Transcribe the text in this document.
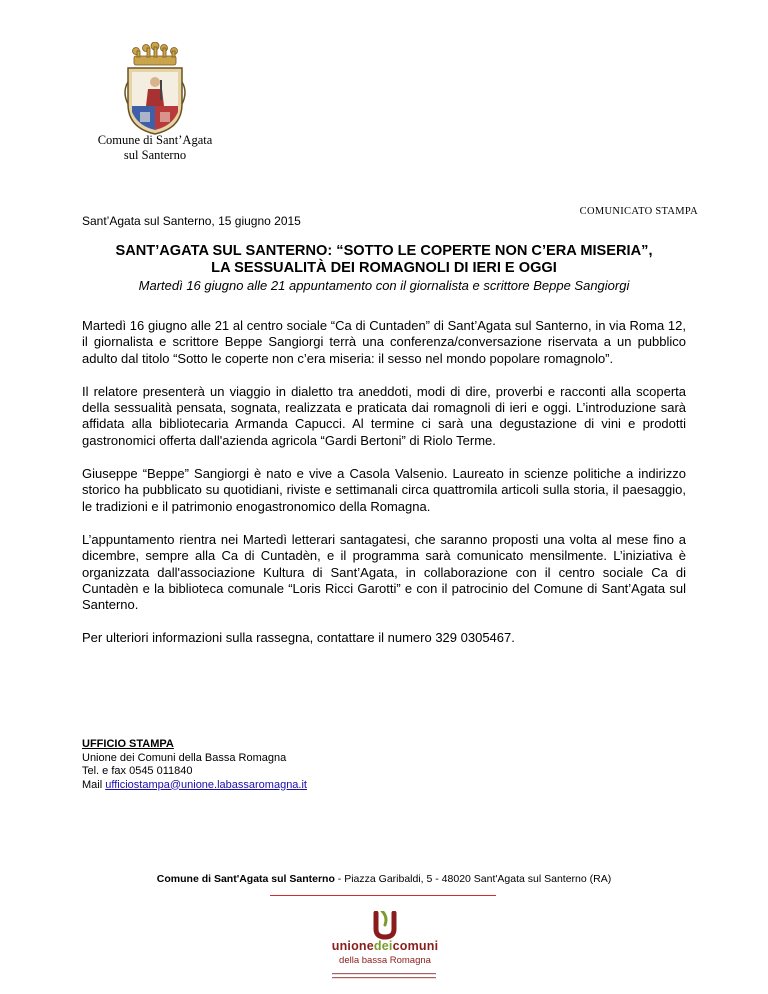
Comune di Sant’Agata
sul Santerno
COMUNICATO STAMPA
Sant’Agata sul Santerno, 15 giugno 2015
SANT’AGATA SUL SANTERNO: “SOTTO LE COPERTE NON C’ERA MISERIA”,
LA SESSUALITÀ DEI ROMAGNOLI DI IERI E OGGI
Martedì 16 giugno alle 21 appuntamento con il giornalista e scrittore Beppe Sangiorgi

Martedì 16 giugno alle 21 al centro sociale “Ca di Cuntaden” di Sant’Agata sul Santerno, in via Roma 12, il giornalista e scrittore Beppe Sangiorgi terrà una conferenza/conversazione riservata a un pubblico adulto dal titolo “Sotto le coperte non c’era miseria: il sesso nel mondo popolare romagnolo”.

Il relatore presenterà un viaggio in dialetto tra aneddoti, modi di dire, proverbi e racconti alla scoperta della sessualità pensata, sognata, realizzata e praticata dai romagnoli di ieri e oggi. L’introduzione sarà affidata alla bibliotecaria Armanda Capucci. Al termine ci sarà una degustazione di vini e prodotti gastronomici offerta dall'azienda agricola “Gardi Bertoni” di Riolo Terme.

Giuseppe “Beppe” Sangiorgi è nato e vive a Casola Valsenio. Laureato in scienze politiche a indirizzo storico ha pubblicato su quotidiani, riviste e settimanali circa quattromila articoli sulla storia, il paesaggio, le tradizioni e il patrimonio enogastronomico della Romagna.

L’appuntamento rientra nei Martedì letterari santagatesi, che saranno proposti una volta al mese fino a dicembre, sempre alla Ca di Cuntadèn, e il programma sarà comunicato mensilmente. L’iniziativa è organizzata dall'associazione Kultura di Sant’Agata, in collaborazione con il centro sociale Ca di Cuntadèn e la biblioteca comunale “Loris Ricci Garotti” e con il patrocinio del Comune di Sant’Agata sul Santerno.

Per ulteriori informazioni sulla rassegna, contattare il numero 329 0305467.

UFFICIO STAMPA
Unione dei Comuni della Bassa Romagna
Tel. e fax 0545 011840
Mail ufficiostampa@unione.labassaromagna.it
Comune di Sant'Agata sul Santerno - Piazza Garibaldi, 5 - 48020 Sant'Agata sul Santerno (RA)
unionedeicomuni
della bassa Romagna
